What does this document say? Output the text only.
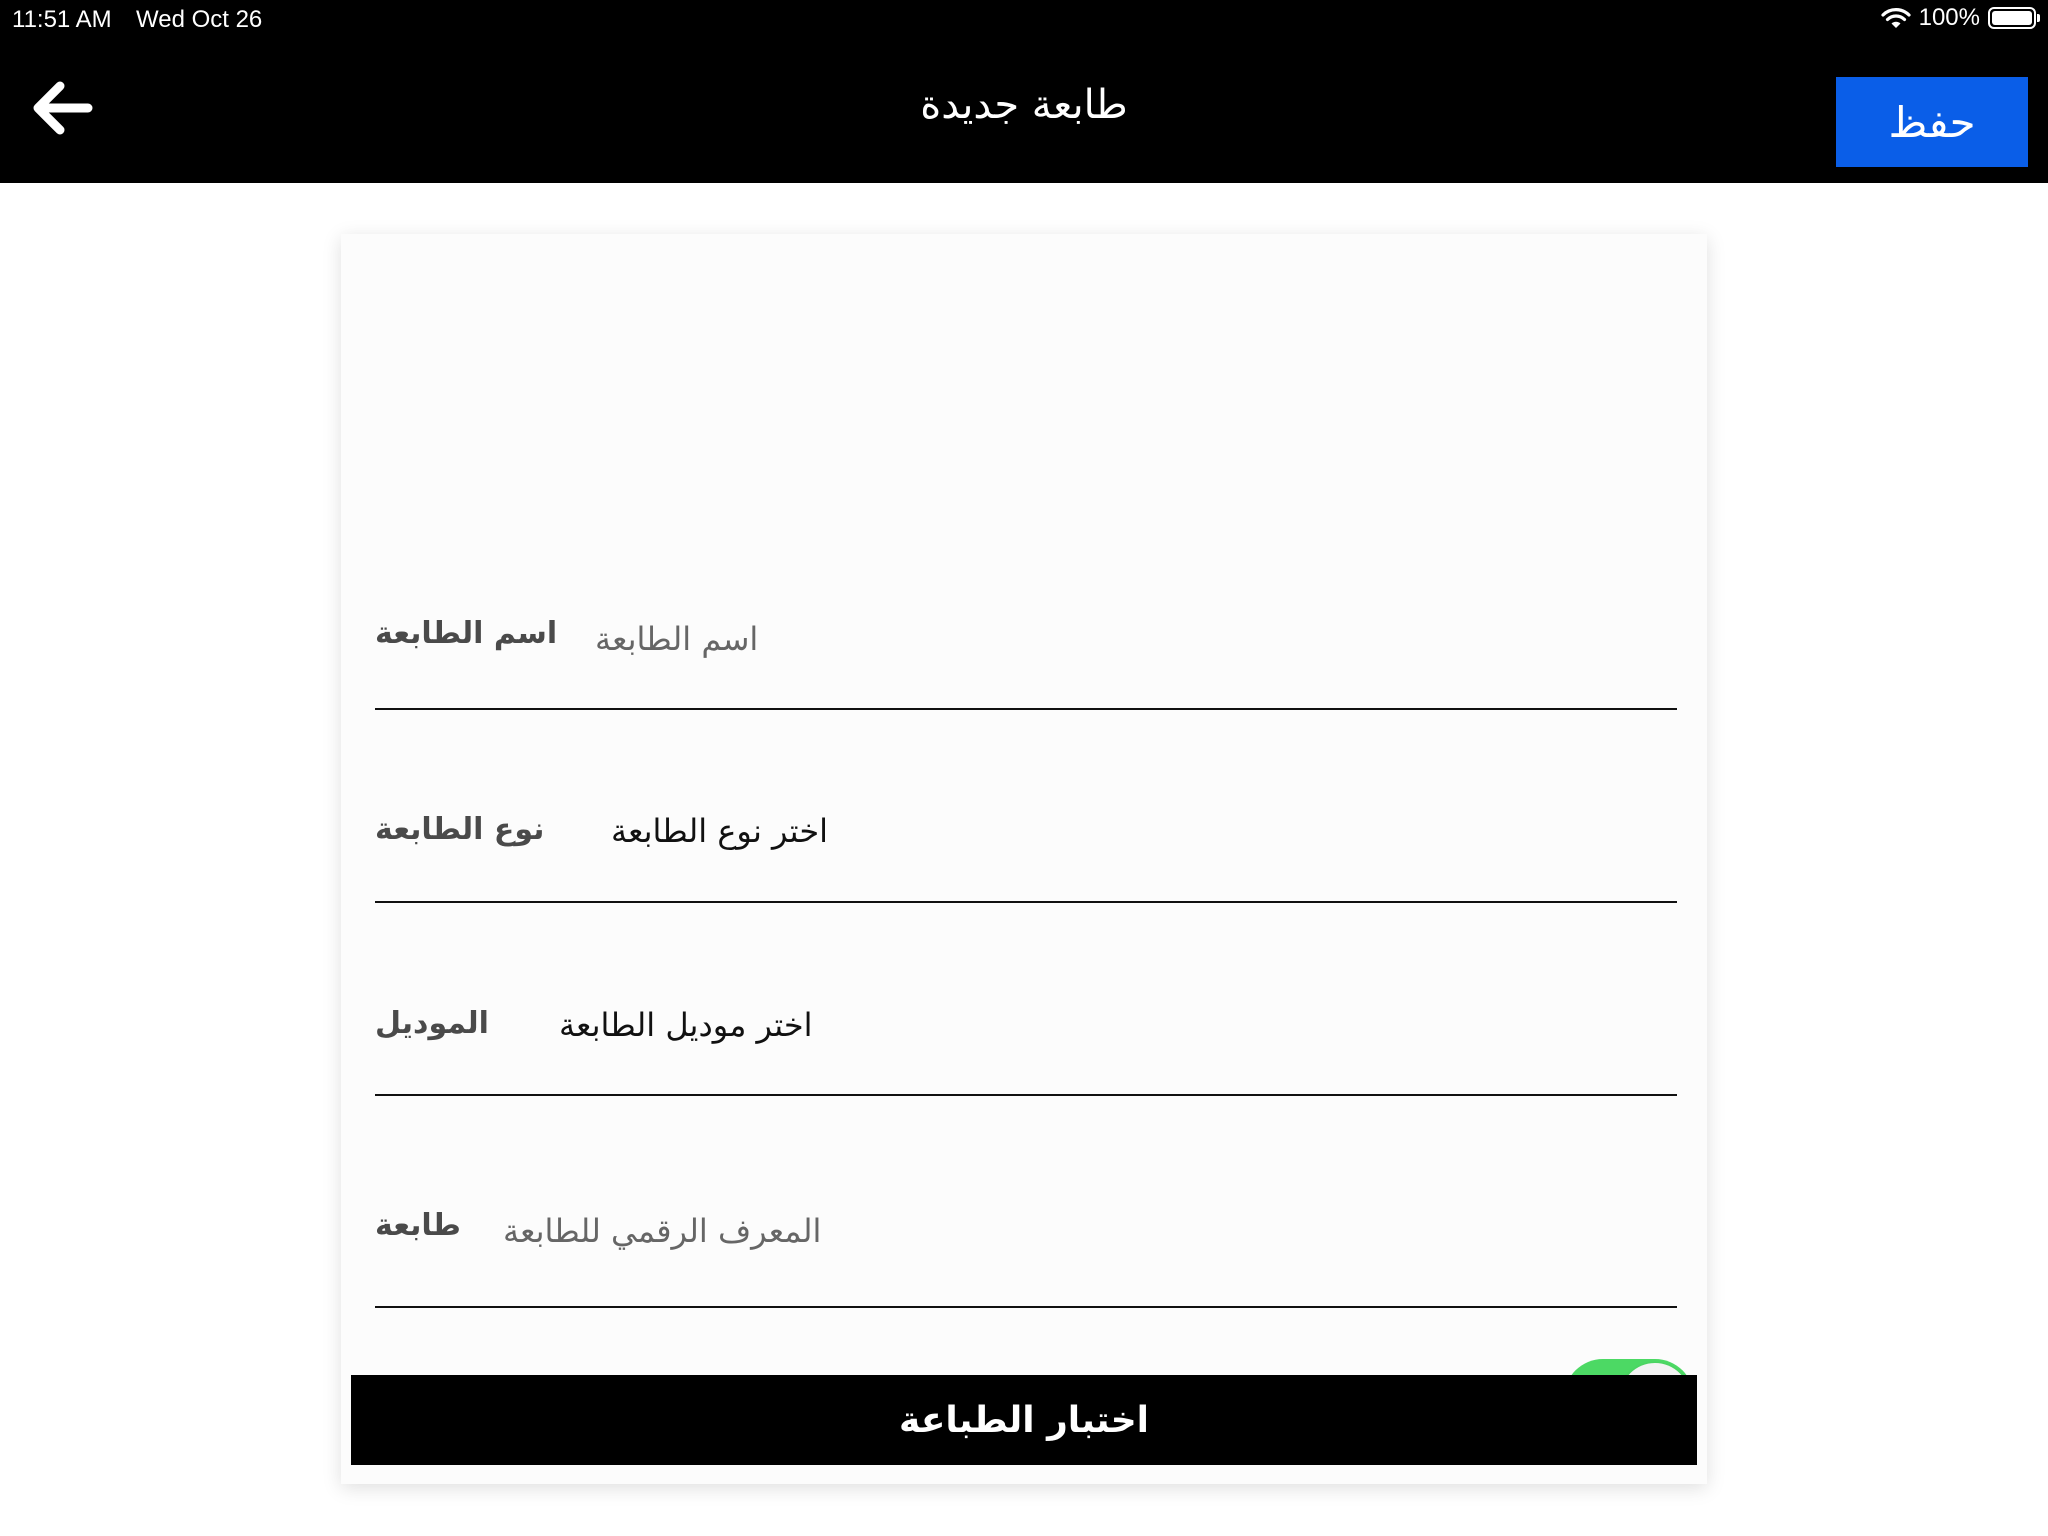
11:51 AM Wed Oct 26	100%
طابعة جديدة	حفظ
اسم الطابعة
اسم الطابعة
نوع الطابعة اختر نوع الطابعة
الموديل اختر موديل الطابعة
طابعة
المعرف الرقمي للطابعة
اختبار الطباعة
